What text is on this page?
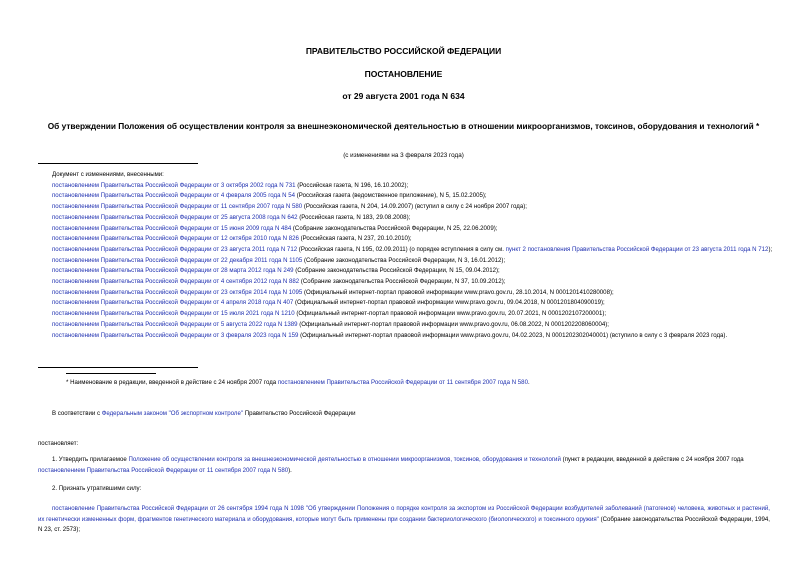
ПРАВИТЕЛЬСТВО РОССИЙСКОЙ ФЕДЕРАЦИИ
ПОСТАНОВЛЕНИЕ
от 29 августа 2001 года N 634
Об утверждении Положения об осуществлении контроля за внешнеэкономической деятельностью в отношении микроорганизмов, токсинов, оборудования и технологий *
(с изменениями на 3 февраля 2023 года)
Документ с изменениями, внесенными:
постановлением Правительства Российской Федерации от 3 октября 2002 года N 731 (Российская газета, N 196, 16.10.2002);
постановлением Правительства Российской Федерации от 4 февраля 2005 года N 54 (Российская газета (ведомственное приложение), N 5, 15.02.2005);
постановлением Правительства Российской Федерации от 11 сентября 2007 года N 580 (Российская газета, N 204, 14.09.2007) (вступил в силу с 24 ноября 2007 года);
постановлением Правительства Российской Федерации от 25 августа 2008 года N 642 (Российская газета, N 183, 29.08.2008);
постановлением Правительства Российской Федерации от 15 июня 2009 года N 484 (Собрание законодательства Российской Федерации, N 25, 22.06.2009);
постановлением Правительства Российской Федерации от 12 октября 2010 года N 826 (Российская газета, N 237, 20.10.2010);
постановлением Правительства Российской Федерации от 23 августа 2011 года N 712 (Российская газета, N 195, 02.09.2011) (о порядке вступления в силу см. пункт 2 постановления Правительства Российской Федерации от 23 августа 2011 года N 712);
постановлением Правительства Российской Федерации от 22 декабря 2011 года N 1105 (Собрание законодательства Российской Федерации, N 3, 16.01.2012);
постановлением Правительства Российской Федерации от 28 марта 2012 года N 249 (Собрание законодательства Российской Федерации, N 15, 09.04.2012);
постановлением Правительства Российской Федерации от 4 сентября 2012 года N 882 (Собрание законодательства Российской Федерации, N 37, 10.09.2012);
постановлением Правительства Российской Федерации от 23 октября 2014 года N 1095 (Официальный интернет-портал правовой информации www.pravo.gov.ru, 28.10.2014, N 0001201410280008);
постановлением Правительства Российской Федерации от 4 апреля 2018 года N 407 (Официальный интернет-портал правовой информации www.pravo.gov.ru, 09.04.2018, N 0001201804090019);
постановлением Правительства Российской Федерации от 15 июля 2021 года N 1210 (Официальный интернет-портал правовой информации www.pravo.gov.ru, 20.07.2021, N 0001202107200001);
постановлением Правительства Российской Федерации от 5 августа 2022 года N 1389 (Официальный интернет-портал правовой информации www.pravo.gov.ru, 06.08.2022, N 0001202208060004);
постановлением Правительства Российской Федерации от 3 февраля 2023 года N 159 (Официальный интернет-портал правовой информации www.pravo.gov.ru, 04.02.2023, N 0001202302040001) (вступило в силу с 3 февраля 2023 года).
* Наименование в редакции, введенной в действие с 24 ноября 2007 года постановлением Правительства Российской Федерации от 11 сентября 2007 года N 580.
В соответствии с Федеральным законом "Об экспортном контроле" Правительство Российской Федерации
постановляет:
1. Утвердить прилагаемое Положение об осуществлении контроля за внешнеэкономической деятельностью в отношении микроорганизмов, токсинов, оборудования и технологий (пункт в редакции, введенной в действие с 24 ноября 2007 года постановлением Правительства Российской Федерации от 11 сентября 2007 года N 580).
2. Признать утратившими силу:
постановление Правительства Российской Федерации от 26 сентября 1994 года N 1098 "Об утверждении Положения о порядке контроля за экспортом из Российской Федерации возбудителей заболеваний (патогенов) человека, животных и растений, их генетически измененных форм, фрагментов генетического материала и оборудования, которые могут быть применены при создании бактериологического (биологического) и токсинного оружия" (Собрание законодательства Российской Федерации, 1994, N 23, ст. 2573);
